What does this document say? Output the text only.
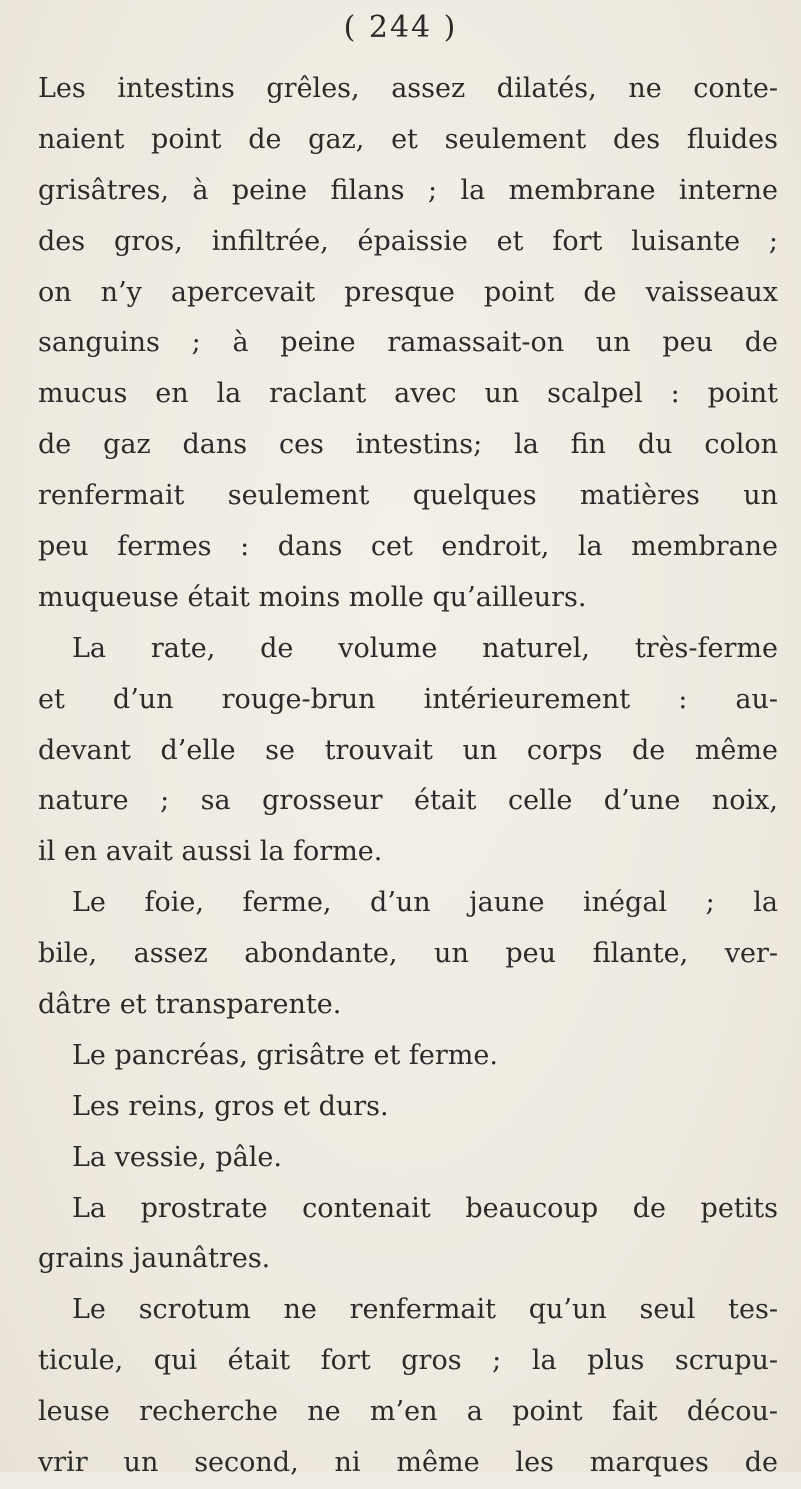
( 244 )
Les intestins grêles, assez dilatés, ne conte-
naient point de gaz, et seulement des fluides
grisâtres, à peine filans ; la membrane interne
des gros, infiltrée, épaissie et fort luisante ;
on n’y apercevait presque point de vaisseaux
sanguins ; à peine ramassait-on un peu de
mucus en la raclant avec un scalpel : point
de gaz dans ces intestins; la fin du colon
renfermait seulement quelques matières un
peu fermes : dans cet endroit, la membrane
muqueuse était moins molle qu’ailleurs.
La rate, de volume naturel, très-ferme
et d’un rouge-brun intérieurement : au-
devant d’elle se trouvait un corps de même
nature ; sa grosseur était celle d’une noix,
il en avait aussi la forme.
Le foie, ferme, d’un jaune inégal ; la
bile, assez abondante, un peu filante, ver-
dâtre et transparente.
Le pancréas, grisâtre et ferme.
Les reins, gros et durs.
La vessie, pâle.
La prostrate contenait beaucoup de petits
grains jaunâtres.
Le scrotum ne renfermait qu’un seul tes-
ticule, qui était fort gros ; la plus scrupu-
leuse recherche ne m’en a point fait décou-
vrir un second, ni même les marques de
